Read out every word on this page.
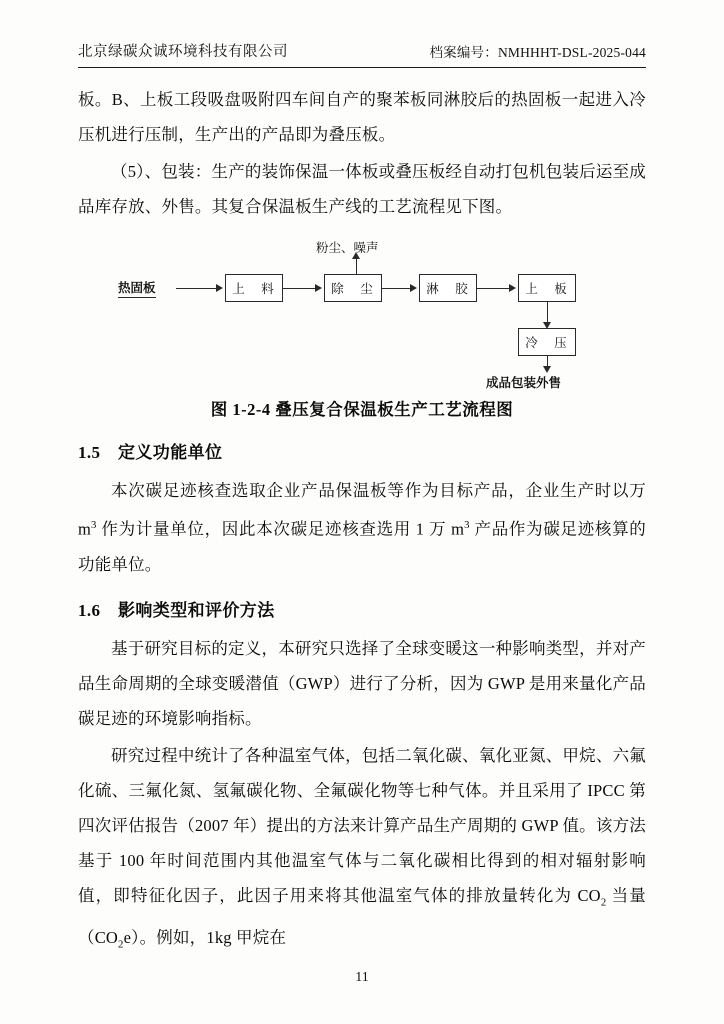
北京绿碳众诚环境科技有限公司	档案编号：NMHHHT-DSL-2025-044

板。B、上板工段吸盘吸附四车间自产的聚苯板同淋胶后的热固板一起进入冷压机进行压制，生产出的产品即为叠压板。

（5）、包装：生产的装饰保温一体板或叠压板经自动打包机包装后运至成品库存放、外售。其复合保温板生产线的工艺流程见下图。

粉尘、噪声
热固板	上　料	除　尘	淋　胶	上　板
冷　压
成品包装外售
图 1-2-4 叠压复合保温板生产工艺流程图
1.5 定义功能单位

本次碳足迹核查选取企业产品保温板等作为目标产品，企业生产时以万 $m^3$ 作为计量单位，因此本次碳足迹核查选用 1 万 $m^3$ 产品作为碳足迹核算的功能单位。

1.6 影响类型和评价方法

基于研究目标的定义，本研究只选择了全球变暖这一种影响类型，并对产品生命周期的全球变暖潜值（GWP）进行了分析，因为 GWP 是用来量化产品碳足迹的环境影响指标。

研究过程中统计了各种温室气体，包括二氧化碳、氧化亚氮、甲烷、六氟化硫、三氟化氮、氢氟碳化物、全氟碳化物等七种气体。并且采用了 IPCC 第四次评估报告（2007 年）提出的方法来计算产品生产周期的 GWP 值。该方法基于 100 年时间范围内其他温室气体与二氧化碳相比得到的相对辐射影响值，即特征化因子，此因子用来将其他温室气体的排放量转化为 $CO_2$ 当量$(CO_2e)$。例如，1kg 甲烷在

11
